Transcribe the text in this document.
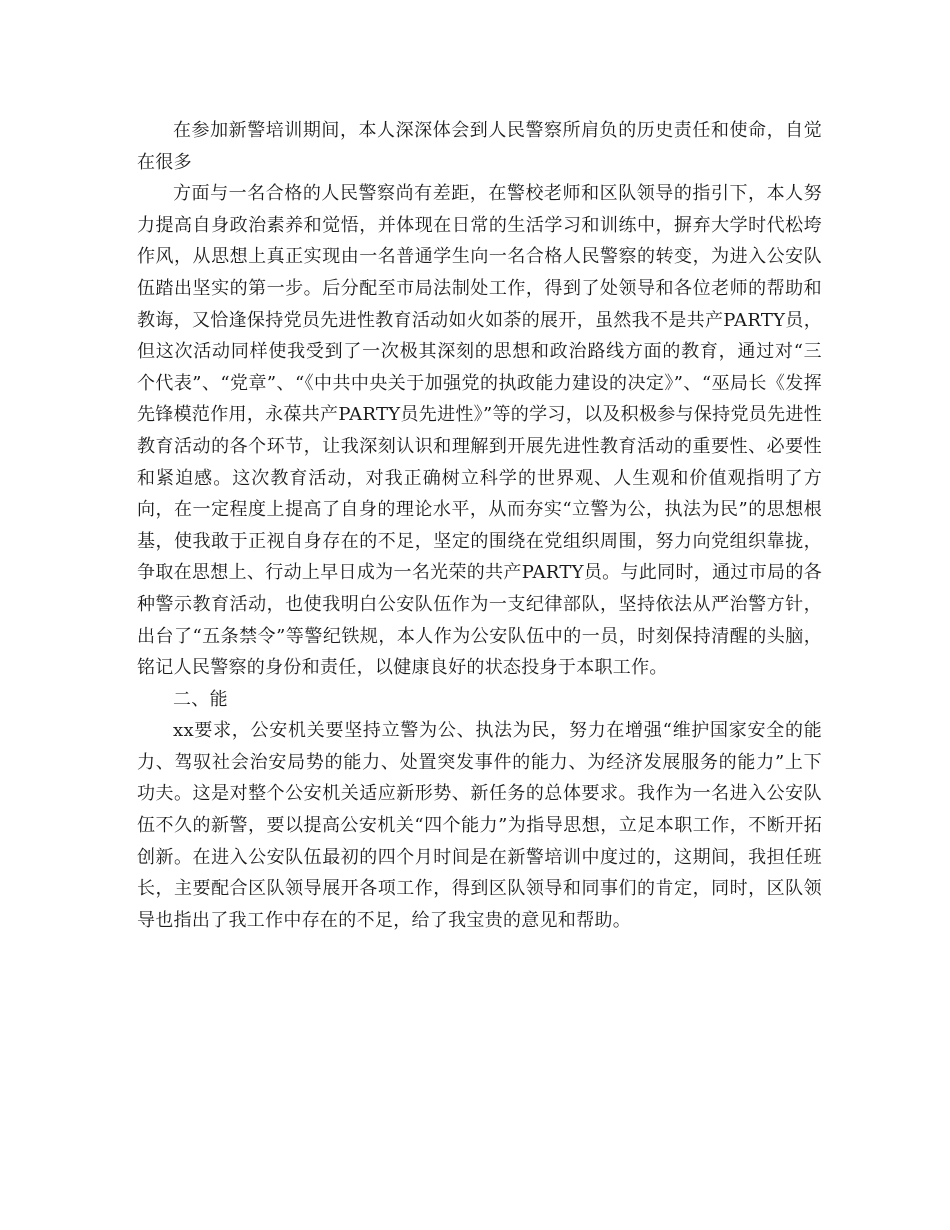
在参加新警培训期间，本人深深体会到人民警察所肩负的历史责任和使命，自觉在很多

方面与一名合格的人民警察尚有差距，在警校老师和区队领导的指引下，本人努力提高自身政治素养和觉悟，并体现在日常的生活学习和训练中，摒弃大学时代松垮作风，从思想上真正实现由一名普通学生向一名合格人民警察的转变，为进入公安队伍踏出坚实的第一步。后分配至市局法制处工作，得到了处领导和各位老师的帮助和教诲，又恰逢保持党员先进性教育活动如火如荼的展开，虽然我不是共产PARTY员，但这次活动同样使我受到了一次极其深刻的思想和政治路线方面的教育，通过对“三个代表”、“党章”、“《中共中央关于加强党的执政能力建设的决定》”、“巫局长《发挥先锋模范作用，永葆共产PARTY员先进性》”等的学习，以及积极参与保持党员先进性教育活动的各个环节，让我深刻认识和理解到开展先进性教育活动的重要性、必要性和紧迫感。这次教育活动，对我正确树立科学的世界观、人生观和价值观指明了方向，在一定程度上提高了自身的理论水平，从而夯实“立警为公，执法为民”的思想根基，使我敢于正视自身存在的不足，坚定的围绕在党组织周围，努力向党组织靠拢，争取在思想上、行动上早日成为一名光荣的共产PARTY员。与此同时，通过市局的各种警示教育活动，也使我明白公安队伍作为一支纪律部队，坚持依法从严治警方针，出台了“五条禁令”等警纪铁规，本人作为公安队伍中的一员，时刻保持清醒的头脑，铭记人民警察的身份和责任，以健康良好的状态投身于本职工作。

二、能

xx要求，公安机关要坚持立警为公、执法为民，努力在增强“维护国家安全的能力、驾驭社会治安局势的能力、处置突发事件的能力、为经济发展服务的能力”上下功夫。这是对整个公安机关适应新形势、新任务的总体要求。我作为一名进入公安队伍不久的新警，要以提高公安机关“四个能力”为指导思想，立足本职工作，不断开拓创新。在进入公安队伍最初的四个月时间是在新警培训中度过的，这期间，我担任班长，主要配合区队领导展开各项工作，得到区队领导和同事们的肯定，同时，区队领导也指出了我工作中存在的不足，给了我宝贵的意见和帮助。
